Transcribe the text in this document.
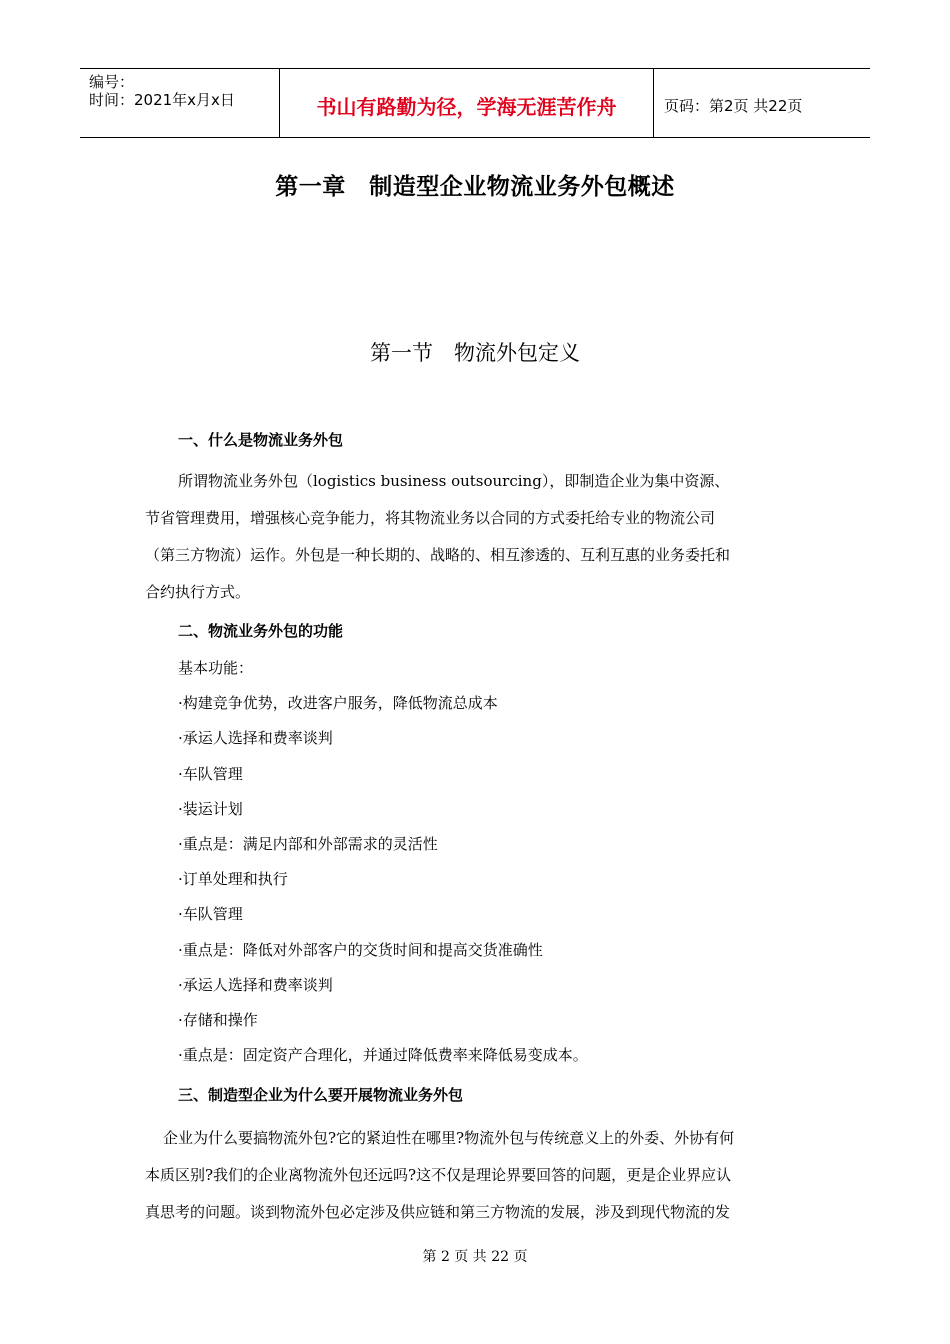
编号：
时间：2021年x月x日	书山有路勤为径，学海无涯苦作舟	页码：第2页 共22页
第一章　制造型企业物流业务外包概述
第一节　物流外包定义
一、什么是物流业务外包
所谓物流业务外包（logistics business outsourcing），即制造企业为集中资源、
节省管理费用，增强核心竞争能力，将其物流业务以合同的方式委托给专业的物流公司
（第三方物流）运作。外包是一种长期的、战略的、相互渗透的、互利互惠的业务委托和
合约执行方式。
二、物流业务外包的功能
基本功能：
·构建竞争优势，改进客户服务，降低物流总成本
·承运人选择和费率谈判
·车队管理
·装运计划
·重点是：满足内部和外部需求的灵活性
·订单处理和执行
·车队管理
·重点是：降低对外部客户的交货时间和提高交货准确性
·承运人选择和费率谈判
·存储和操作
·重点是：固定资产合理化，并通过降低费率来降低易变成本。
三、制造型企业为什么要开展物流业务外包
企业为什么要搞物流外包?它的紧迫性在哪里?物流外包与传统意义上的外委、外协有何
本质区别?我们的企业离物流外包还远吗?这不仅是理论界要回答的问题，更是企业界应认
真思考的问题。谈到物流外包必定涉及供应链和第三方物流的发展，涉及到现代物流的发
第 2 页 共 22 页
